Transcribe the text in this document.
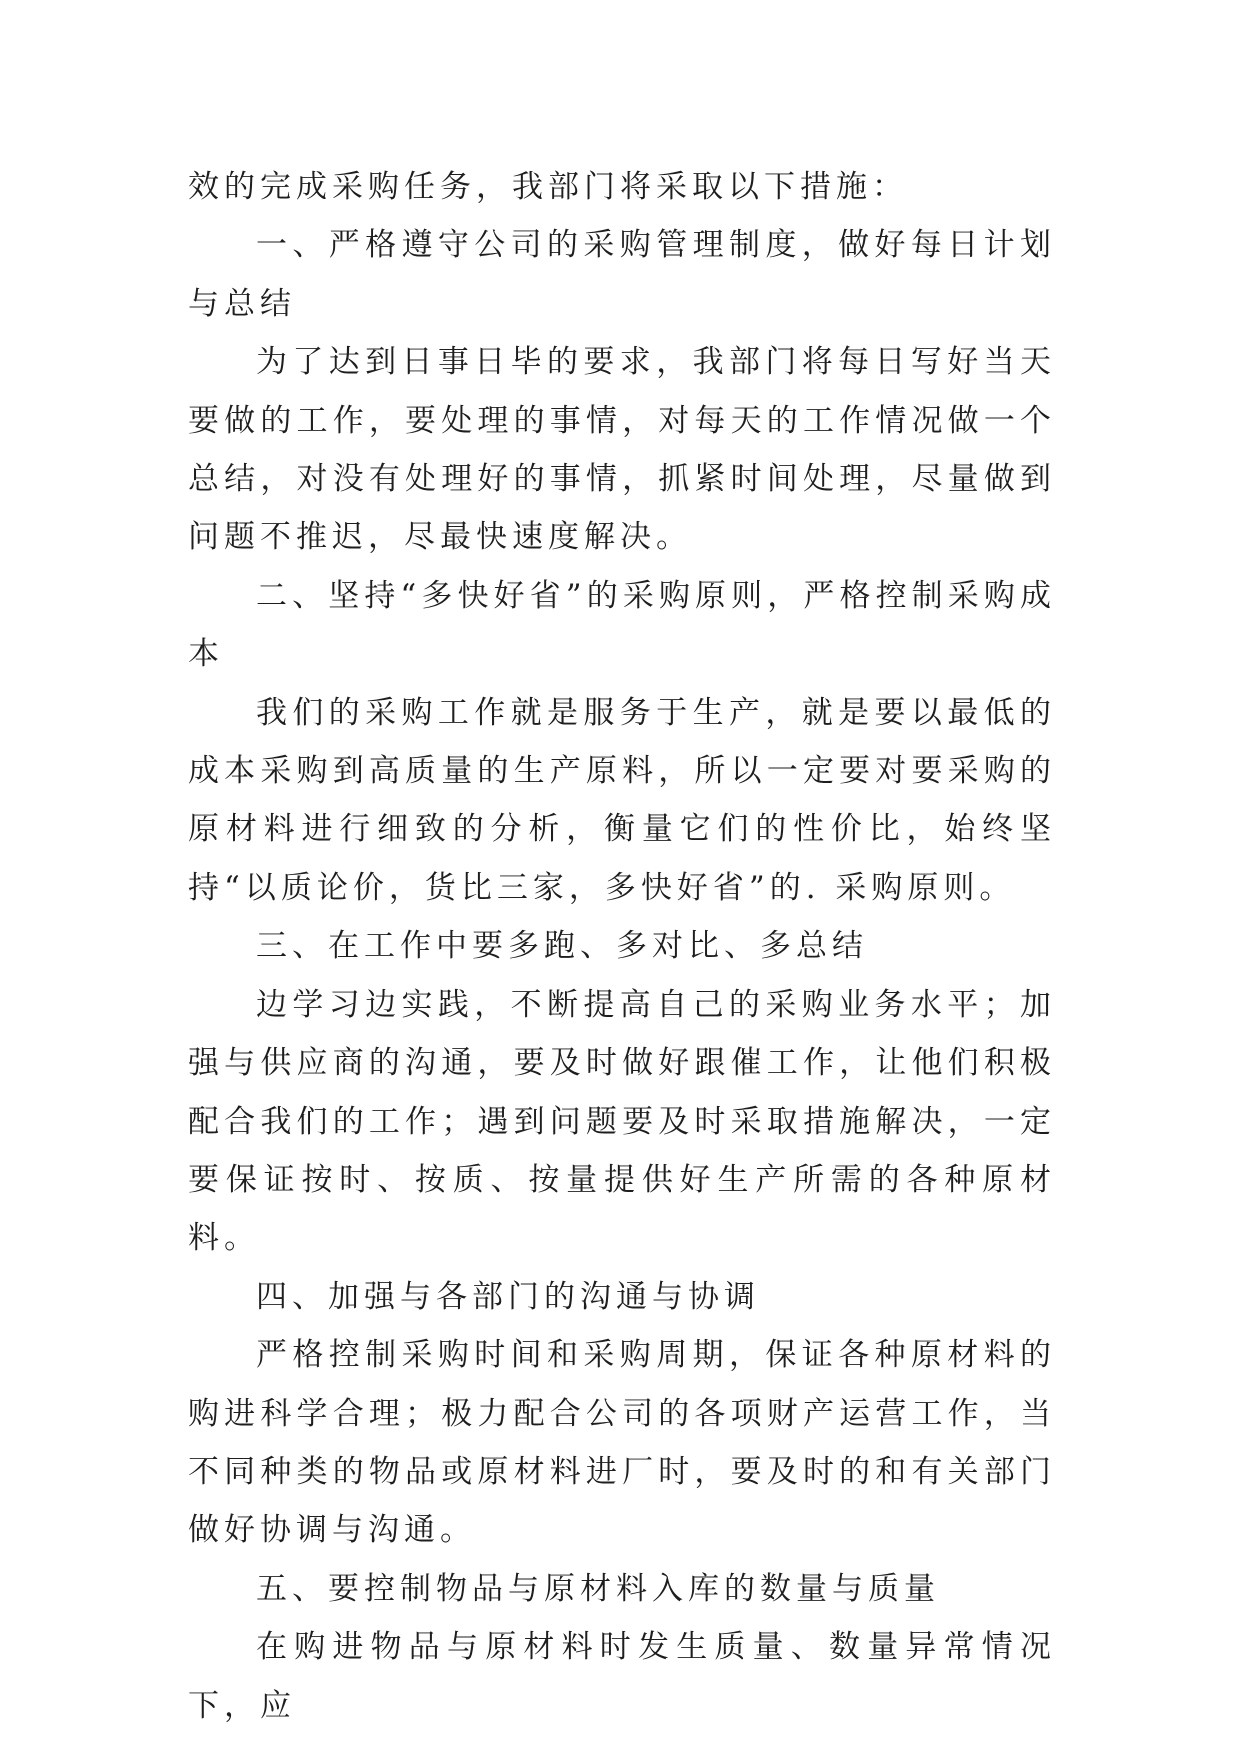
效的完成采购任务，我部门将采取以下措施：

一、严格遵守公司的采购管理制度，做好每日计划与总结

为了达到日事日毕的要求，我部门将每日写好当天要做的工作，要处理的事情，对每天的工作情况做一个总结，对没有处理好的事情，抓紧时间处理，尽量做到问题不推迟，尽最快速度解决。

二、坚持“多快好省”的采购原则，严格控制采购成本

我们的采购工作就是服务于生产，就是要以最低的成本采购到高质量的生产原料，所以一定要对要采购的原材料进行细致的分析，衡量它们的性价比，始终坚持“以质论价，货比三家，多快好省”的. 采购原则。

三、在工作中要多跑、多对比、多总结

边学习边实践，不断提高自己的采购业务水平；加强与供应商的沟通，要及时做好跟催工作，让他们积极配合我们的工作；遇到问题要及时采取措施解决，一定要保证按时、按质、按量提供好生产所需的各种原材料。

四、加强与各部门的沟通与协调

严格控制采购时间和采购周期，保证各种原材料的购进科学合理；极力配合公司的各项财产运营工作，当不同种类的物品或原材料进厂时，要及时的和有关部门做好协调与沟通。

五、要控制物品与原材料入库的数量与质量

在购进物品与原材料时发生质量、数量异常情况下，应
